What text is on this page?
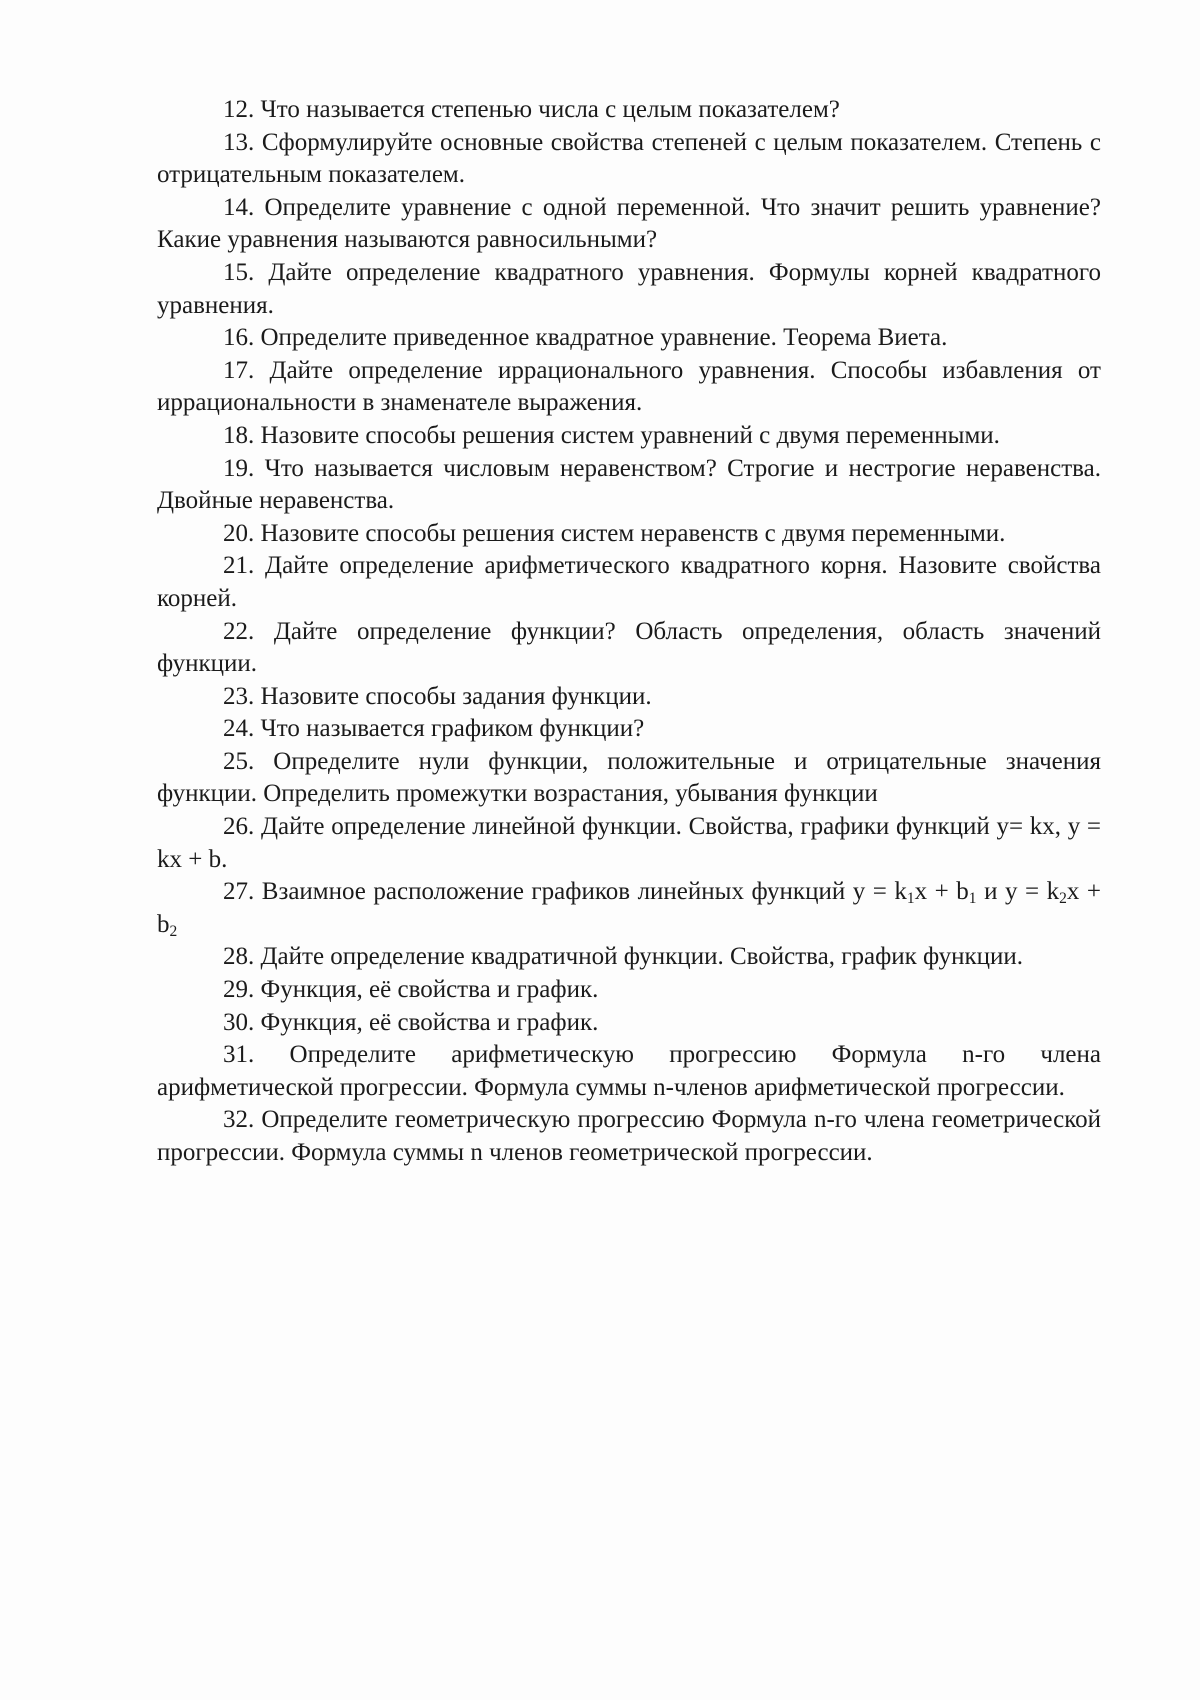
12. Что называется степенью числа с целым показателем?

13. Сформулируйте основные свойства степеней с целым показателем. Степень с отрицательным показателем.

14. Определите уравнение с одной переменной. Что значит решить уравнение? Какие уравнения называются равносильными?

15. Дайте определение квадратного уравнения. Формулы корней квадратного уравнения.

16. Определите приведенное квадратное уравнение. Теорема Виета.

17. Дайте определение иррационального уравнения. Способы избавления от иррациональности в знаменателе выражения.

18. Назовите способы решения систем уравнений с двумя переменными.

19. Что называется числовым неравенством? Строгие и нестрогие неравенства. Двойные неравенства.

20. Назовите способы решения систем неравенств с двумя переменными.

21. Дайте определение арифметического квадратного корня. Назовите свойства корней.

22. Дайте определение функции? Область определения, область значений функции.

23. Назовите способы задания функции.

24. Что называется графиком функции?

25. Определите нули функции, положительные и отрицательные значения функции. Определить промежутки возрастания, убывания функции

26. Дайте определение линейной функции. Свойства, графики функций y= kx, y = kx + b.

27. Взаимное расположение графиков линейных функций $y = k_1x + b_1$ и $y = k_2x + b_2$

28. Дайте определение квадратичной функции. Свойства, график функции.

29. Функция, её свойства и график.

30. Функция, её свойства и график.

31. Определите арифметическую прогрессию Формула n-го члена арифметической прогрессии. Формула суммы n-членов арифметической прогрессии.

32. Определите геометрическую прогрессию Формула n-го члена геометрической прогрессии. Формула суммы n членов геометрической прогрессии.
